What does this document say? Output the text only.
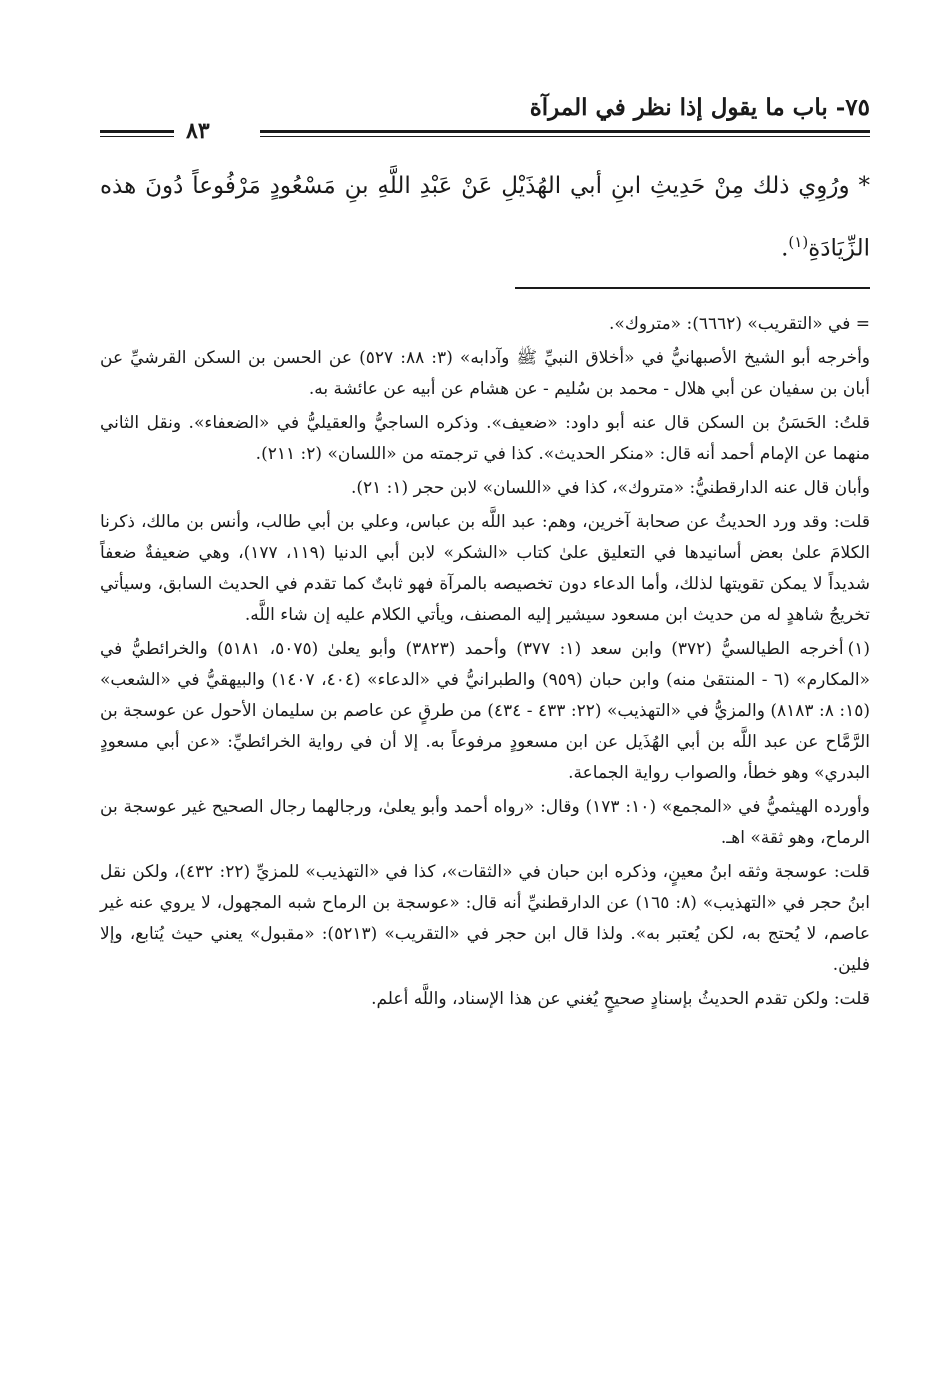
٧٥- باب ما يقول إذا نظر في المرآة
٨٣
* ورُوِي ذلك مِنْ حَدِيثِ ابنِ أبي الهُذَيْلِ عَنْ عَبْدِ اللَّهِ بنِ مَسْعُودٍ مَرْفُوعاً دُونَ هذه الزِّيَادَةِ$^{(١)}$.

= في «التقريب» (٦٦٦٢): «متروك».

وأخرجه أبو الشيخ الأصبهانيُّ في «أخلاق النبيِّ ﷺ وآدابه» (٣: ٨٨: ٥٢٧) عن الحسن بن السكن القرشيِّ عن أبان بن سفيان عن أبي هلال - محمد بن سُليم - عن هشام عن أبيه عن عائشة به.

قلتُ: الحَسَنُ بن السكن قال عنه أبو داود: «ضعيف». وذكره الساجيُّ والعقيليُّ في «الضعفاء». ونقل الثاني منهما عن الإمام أحمد أنه قال: «منكر الحديث». كذا في ترجمته من «اللسان» (٢: ٢١١).

وأبان قال عنه الدارقطنيُّ: «متروك»، كذا في «اللسان» لابن حجر (١: ٢١).

قلت: وقد ورد الحديثُ عن صحابة آخرين، وهم: عبد اللَّه بن عباس، وعلي بن أبي طالب، وأنس بن مالك، ذكرنا الكلامَ علىٰ بعض أسانيدها في التعليق علىٰ كتاب «الشكر» لابن أبي الدنيا (١١٩، ١٧٧)، وهي ضعيفةٌ ضعفاً شديداً لا يمكن تقويتها لذلك، وأما الدعاء دون تخصيصه بالمرآة فهو ثابتٌ كما تقدم في الحديث السابق، وسيأتي تخريجُ شاهدٍ له من حديث ابن مسعود سيشير إليه المصنف، ويأتي الكلام عليه إن شاء اللَّه.

(١)أخرجه الطيالسيُّ (٣٧٢) وابن سعد (١: ٣٧٧) وأحمد (٣٨٢٣) وأبو يعلىٰ (٥٠٧٥، ٥١٨١) والخرائطيُّ في «المكارم» (٦ - المنتقىٰ منه) وابن حبان (٩٥٩) والطبرانيُّ في «الدعاء» (٤٠٤، ١٤٠٧) والبيهقيُّ في «الشعب» (١٥: ٨: ٨١٨٣) والمزيُّ في «التهذيب» (٢٢: ٤٣٣ - ٤٣٤) من طرقٍ عن عاصم بن سليمان الأحول عن عوسجة بن الرَّمَّاح عن عبد اللَّه بن أبي الهُذَيل عن ابن مسعودٍ مرفوعاً به. إلا أن في رواية الخرائطيِّ: «عن أبي مسعودٍ البدري» وهو خطأ، والصواب رواية الجماعة.

وأورده الهيثميُّ في «المجمع» (١٠: ١٧٣) وقال: «رواه أحمد وأبو يعلىٰ، ورجالهما رجال الصحيح غير عوسجة بن الرماح، وهو ثقة» اهـ.

قلت: عوسجة وثقه ابنُ معينٍ، وذكره ابن حبان في «الثقات»، كذا في «التهذيب» للمزيِّ (٢٢: ٤٣٢)، ولكن نقل ابنُ حجر في «التهذيب» (٨: ١٦٥) عن الدارقطنيِّ أنه قال: «عوسجة بن الرماح شبه المجهول، لا يروي عنه غير عاصم، لا يُحتج به، لكن يُعتبر به». ولذا قال ابن حجر في «التقريب» (٥٢١٣): «مقبول» يعني حيث يُتابع، وإلا فلين.

قلت: ولكن تقدم الحديثُ بإسنادٍ صحيحٍ يُغني عن هذا الإسناد، واللَّه أعلم.
